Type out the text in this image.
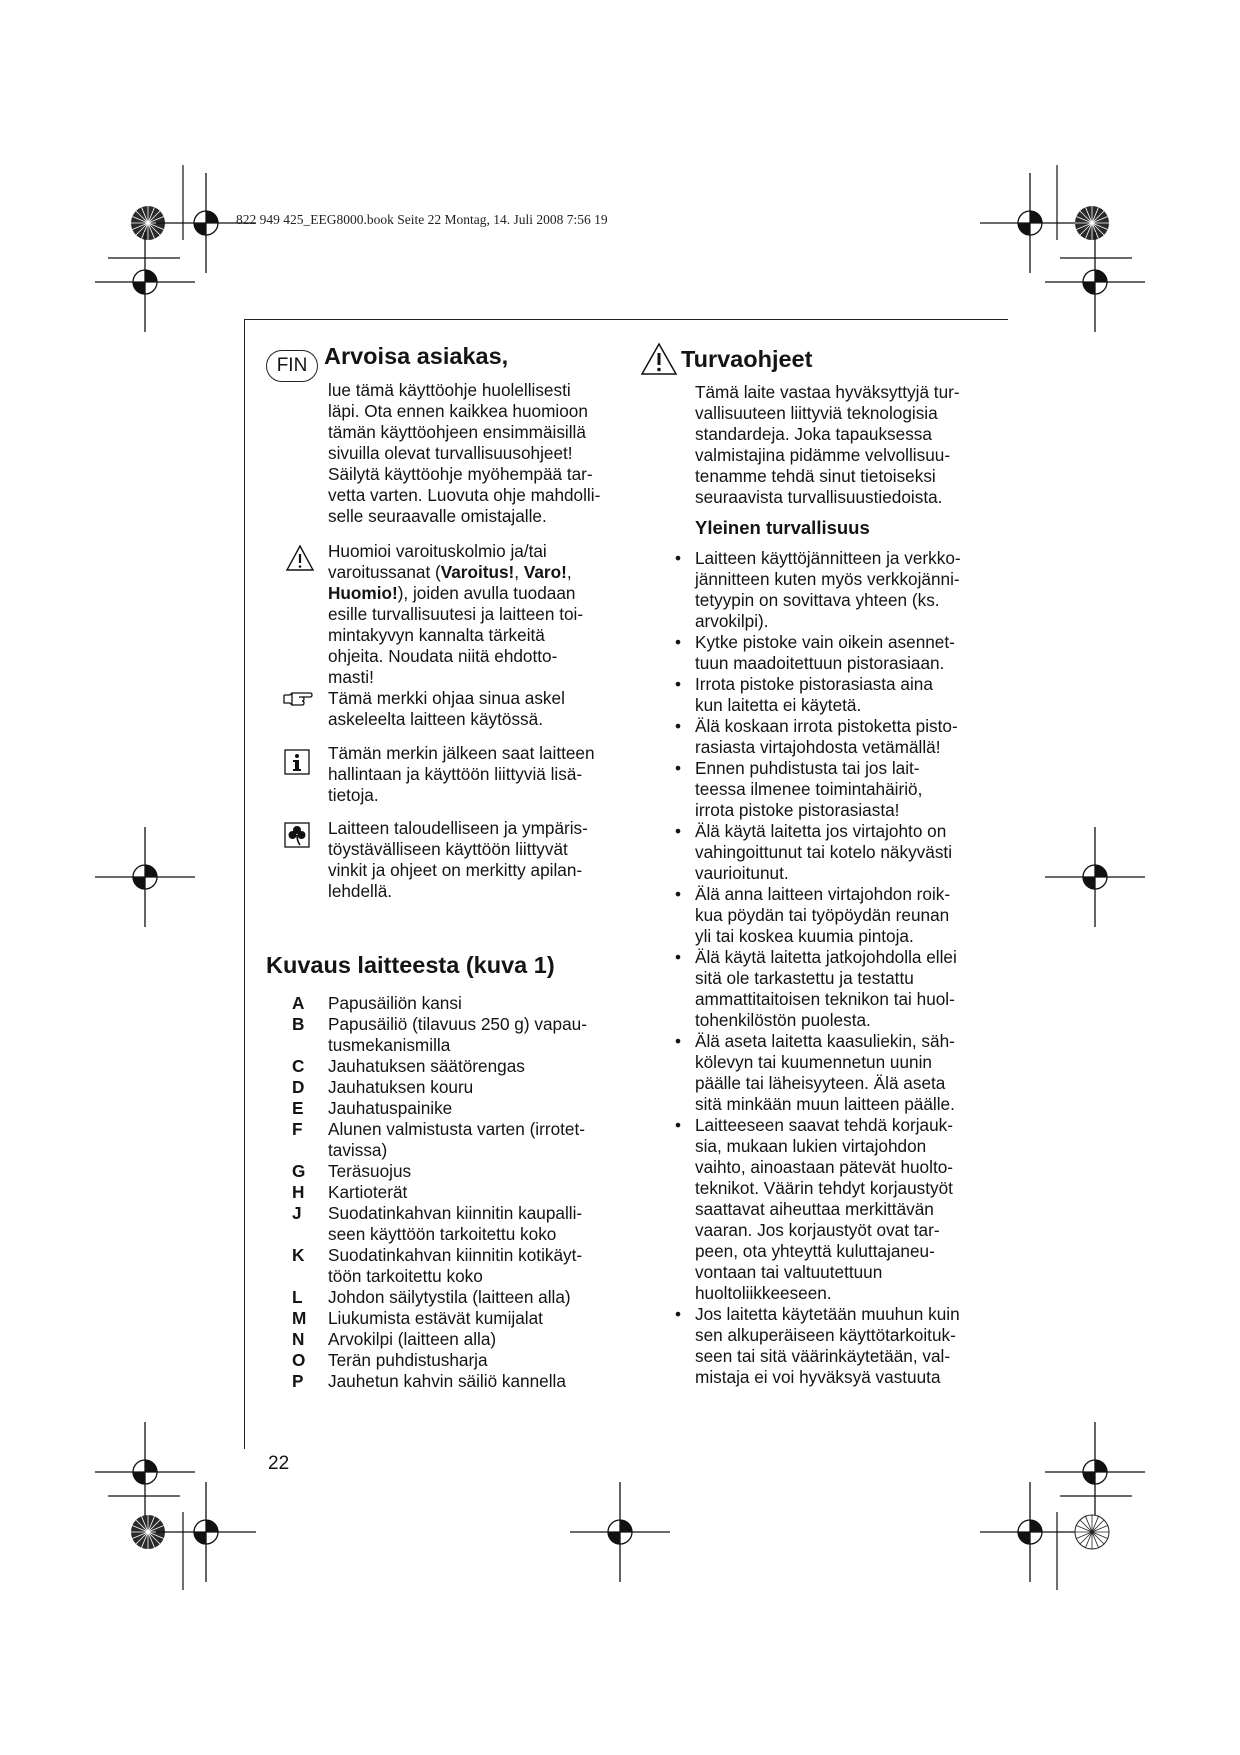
822 949 425_EEG8000.book Seite 22 Montag, 14. Juli 2008 7:56 19
FIN Arvoisa asiakas,
lue tämä käyttöohje huolellisesti
läpi. Ota ennen kaikkea huomioon
tämän käyttöohjeen ensimmäisillä
sivuilla olevat turvallisuusohjeet!
Säilytä käyttöohje myöhempää tar-
vetta varten. Luovuta ohje mahdolli-
selle seuraavalle omistajalle.
Huomioi varoituskolmio ja/tai
varoitussanat (Varoitus!, Varo!,
Huomio!), joiden avulla tuodaan
esille turvallisuutesi ja laitteen toi-
mintakyvyn kannalta tärkeitä
ohjeita. Noudata niitä ehdotto-
masti!
Tämä merkki ohjaa sinua askel
askeleelta laitteen käytössä.
Tämän merkin jälkeen saat laitteen
hallintaan ja käyttöön liittyviä lisä-
tietoja.
Laitteen taloudelliseen ja ympäris-
töystävälliseen käyttöön liittyvät
vinkit ja ohjeet on merkitty apilan-
lehdellä.
Kuvaus laitteesta (kuva 1)
A	Papusäiliön kansi
B	Papusäiliö (tilavuus 250 g) vapau-
tusmekanismilla
C	Jauhatuksen säätörengas
D	Jauhatuksen kouru
E	Jauhatuspainike
F	Alunen valmistusta varten (irrotet-
tavissa)
G	Teräsuojus
H	Kartioterät
J	Suodatinkahvan kiinnitin kaupalli-
seen käyttöön tarkoitettu koko
K	Suodatinkahvan kiinnitin kotikäyt-
töön tarkoitettu koko
L	Johdon säilytystila (laitteen alla)
M	Liukumista estävät kumijalat
N	Arvokilpi (laitteen alla)
O	Terän puhdistusharja
P	Jauhetun kahvin säiliö kannella
Turvaohjeet
Tämä laite vastaa hyväksyttyjä tur-
vallisuuteen liittyviä teknologisia
standardeja. Joka tapauksessa
valmistajina pidämme velvollisuu-
tenamme tehdä sinut tietoiseksi
seuraavista turvallisuustiedoista.
Yleinen turvallisuus
• Laitteen käyttöjännitteen ja verkko-
jännitteen kuten myös verkkojänni-
tetyypin on sovittava yhteen (ks.
arvokilpi).
• Kytke pistoke vain oikein asennet-
tuun maadoitettuun pistorasiaan.
• Irrota pistoke pistorasiasta aina
kun laitetta ei käytetä.
• Älä koskaan irrota pistoketta pisto-
rasiasta virtajohdosta vetämällä!
• Ennen puhdistusta tai jos lait-
teessa ilmenee toimintahäiriö,
irrota pistoke pistorasiasta!
• Älä käytä laitetta jos virtajohto on
vahingoittunut tai kotelo näkyvästi
vaurioitunut.
• Älä anna laitteen virtajohdon roik-
kua pöydän tai työpöydän reunan
yli tai koskea kuumia pintoja.
• Älä käytä laitetta jatkojohdolla ellei
sitä ole tarkastettu ja testattu
ammattitaitoisen teknikon tai huol-
tohenkilöstön puolesta.
• Älä aseta laitetta kaasuliekin, säh-
kölevyn tai kuumennetun uunin
päälle tai läheisyyteen. Älä aseta
sitä minkään muun laitteen päälle.
• Laitteeseen saavat tehdä korjauk-
sia, mukaan lukien virtajohdon
vaihto, ainoastaan pätevät huolto-
teknikot. Väärin tehdyt korjaustyöt
saattavat aiheuttaa merkittävän
vaaran. Jos korjaustyöt ovat tar-
peen, ota yhteyttä kuluttajaneu-
vontaan tai valtuutettuun
huoltoliikkeeseen.
• Jos laitetta käytetään muuhun kuin
sen alkuperäiseen käyttötarkoituk-
seen tai sitä väärinkäytetään, val-
mistaja ei voi hyväksyä vastuuta
22
